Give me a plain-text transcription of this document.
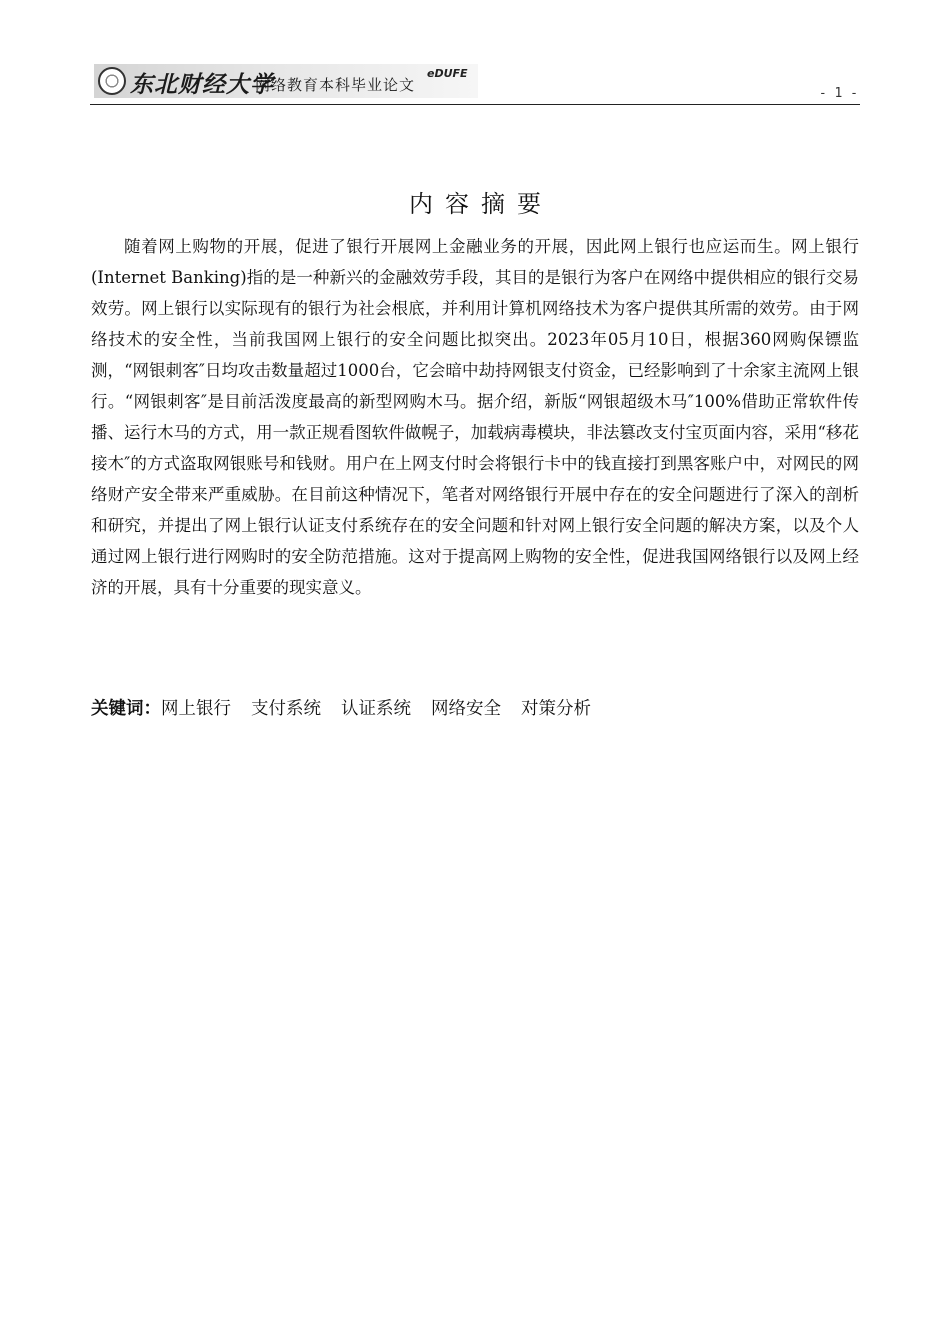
东北财经大学
网络教育本科毕业论文
eDUFE
- 1 -
内容摘要

随着网上购物的开展，促进了银行开展网上金融业务的开展，因此网上银行也应运而生。网上银行(Internet Banking)指的是一种新兴的金融效劳手段，其目的是银行为客户在网络中提供相应的银行交易效劳。网上银行以实际现有的银行为社会根底，并利用计算机网络技术为客户提供其所需的效劳。由于网络技术的安全性，当前我国网上银行的安全问题比拟突出。2023年05月10日，根据360网购保镖监测，“网银刺客″日均攻击数量超过1000台，它会暗中劫持网银支付资金，已经影响到了十余家主流网上银行。“网银刺客″是目前活泼度最高的新型网购木马。据介绍，新版“网银超级木马″100%借助正常软件传播、运行木马的方式，用一款正规看图软件做幌子，加载病毒模块，非法篡改支付宝页面内容，采用“移花接木″的方式盗取网银账号和钱财。用户在上网支付时会将银行卡中的钱直接打到黑客账户中，对网民的网络财产安全带来严重威胁。在目前这种情况下，笔者对网络银行开展中存在的安全问题进行了深入的剖析和研究，并提出了网上银行认证支付系统存在的安全问题和针对网上银行安全问题的解决方案，以及个人通过网上银行进行网购时的安全防范措施。这对于提高网上购物的安全性，促进我国网络银行以及网上经济的开展，具有十分重要的现实意义。

关键词：网上银行 支付系统 认证系统 网络安全 对策分析
